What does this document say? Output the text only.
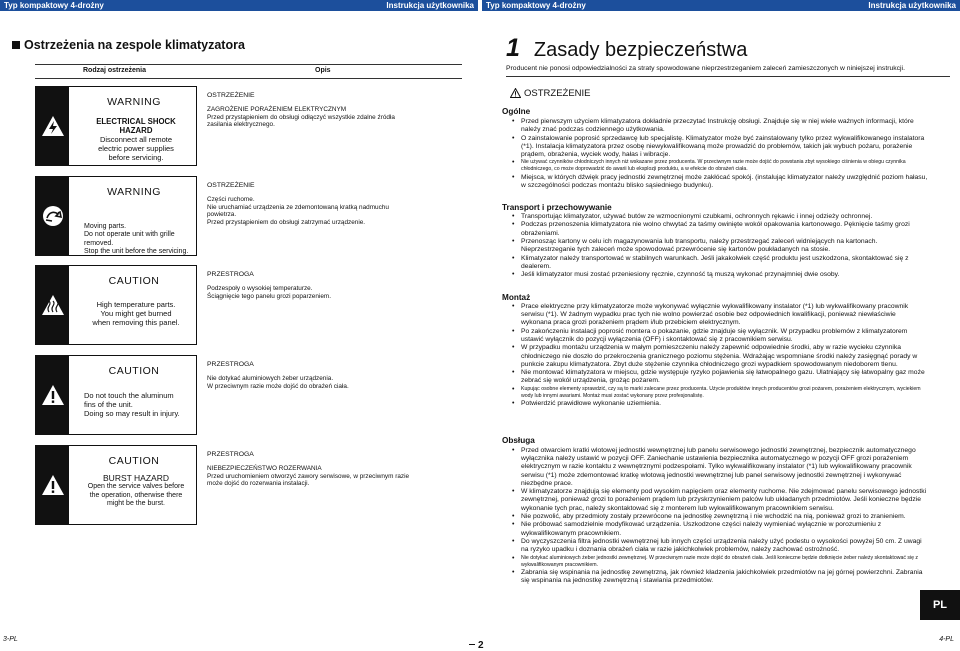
Typ kompaktowy 4-drożny	Instrukcja użytkownika
Ostrzeżenia na zespole klimatyzatora
Rodzaj ostrzeżenia	Opis
WARNING
ELECTRICAL SHOCK HAZARD
Disconnect all remote
electric power supplies
before servicing.
OSTRZEŻENIE
ZAGROŻENIE PORAŻENIEM ELEKTRYCZNYM
Przed przystąpieniem do obsługi odłączyć wszystkie zdalne źródła
zasilania elektrycznego.
WARNING
Moving parts.
Do not operate unit with grille
removed.
Stop the unit before the servicing.
OSTRZEŻENIE
Części ruchome.
Nie uruchamiać urządzenia ze zdemontowaną kratką nadmuchu
powietrza.
Przed przystąpieniem do obsługi zatrzymać urządzenie.
CAUTION
High temperature parts.
You might get burned
when removing this panel.
PRZESTROGA
Podzespoły o wysokiej temperaturze.
Ściągnięcie tego panelu grozi poparzeniem.
CAUTION
Do not touch the aluminum
fins of the unit.
Doing so may result in injury.
PRZESTROGA
Nie dotykać aluminiowych żeber urządzenia.
W przeciwnym razie może dojść do obrażeń ciała.
CAUTION
BURST HAZARD
Open the service valves before
the operation, otherwise there
might be the burst.
PRZESTROGA
NIEBEZPIECZEŃSTWO ROZERWANIA
Przed uruchomieniem otworzyć zawory serwisowe, w przeciwnym razie
może dojść do rozerwania instalacji.
3-PL
2
Typ kompaktowy 4-drożny	Instrukcja użytkownika
1 Zasady bezpieczeństwa
Producent nie ponosi odpowiedzialności za straty spowodowane nieprzestrzeganiem zaleceń zamieszczonych w niniejszej instrukcji.
OSTRZEŻENIE
Ogólne
• Przed pierwszym użyciem klimatyzatora dokładnie przeczytać Instrukcję obsługi. Znajduje się w niej wiele ważnych informacji, które należy znać podczas codziennego użytkowania.
• O zainstalowanie poprosić sprzedawcę lub specjalistę. Klimatyzator może być zainstalowany tylko przez wykwalifikowanego instalatora (*1). Instalacja klimatyzatora przez osobę niewykwalifikowaną może prowadzić do problemów, takich jak wybuch pożaru, porażenie prądem, obrażenia, wyciek wody, hałas i wibracje.
• Nie używać czynników chłodniczych innych niż wskazane przez producenta. W przeciwnym razie może dojść do powstania zbyt wysokiego ciśnienia w obiegu czynnika chłodniczego, co może doprowadzić do awarii lub eksplozji produktu, a w efekcie do obrażeń ciała.
• Miejsca, w których dźwięk pracy jednostki zewnętrznej może zakłócać spokój. (instalując klimatyzator należy uwzględnić poziom hałasu, w szczególności podczas montażu blisko sąsiedniego budynku).
Transport i przechowywanie
• Transportując klimatyzator, używać butów ze wzmocnionymi czubkami, ochronnych rękawic i innej odzieży ochronnej.
• Podczas przenoszenia klimatyzatora nie wolno chwytać za taśmy owinięte wokół opakowania kartonowego. Pęknięcie taśmy grozi obrażeniami.
• Przenosząc kartony w celu ich magazynowania lub transportu, należy przestrzegać zaleceń widniejących na kartonach. Nieprzestrzeganie tych zaleceń może spowodować przewrócenie się kartonów poukładanych na stosie.
• Klimatyzator należy transportować w stabilnych warunkach. Jeśli jakakolwiek część produktu jest uszkodzona, skontaktować się z dealerem.
• Jeśli klimatyzator musi zostać przeniesiony ręcznie, czynność tą muszą wykonać przynajmniej dwie osoby.
Montaż
• Prace elektryczne przy klimatyzatorze może wykonywać wyłącznie wykwalifikowany instalator (*1) lub wykwalifikowany pracownik serwisu (*1). W żadnym wypadku prac tych nie wolno powierzać osobie bez odpowiednich kwalifikacji, ponieważ niewłaściwie wykonana praca grozi porażeniem prądem i/lub przebiciem elektrycznym.
• Po zakończeniu instalacji poprosić montera o pokazanie, gdzie znajduje się wyłącznik. W przypadku problemów z klimatyzatorem ustawić wyłącznik do pozycji wyłączenia (OFF) i skontaktować się z pracownikiem serwisu.
• W przypadku montażu urządzenia w małym pomieszczeniu należy zapewnić odpowiednie środki, aby w razie wycieku czynnika chłodniczego nie doszło do przekroczenia granicznego poziomu stężenia. Wdrażając wspomniane środki należy zasięgnąć porady w punkcie zakupu klimatyzatora. Zbyt duże stężenie czynnika chłodniczego grozi wypadkiem spowodowanym niedoborem tlenu.
• Nie montować klimatyzatora w miejscu, gdzie występuje ryzyko pojawienia się łatwopalnego gazu. Ulatniający się łatwopalny gaz może zebrać się wokół urządzenia, grożąc pożarem.
• Kupując osobne elementy sprawdzić, czy są to marki zalecane przez producenta. Użycie produktów innych producentów grozi pożarem, porażeniem elektrycznym, wyciekiem wody lub innymi awariami. Montaż musi zostać wykonany przez profesjonalistę.
• Potwierdzić prawidłowe wykonanie uziemienia.
Obsługa
• Przed otwarciem kratki wlotowej jednostki wewnętrznej lub panelu serwisowego jednostki zewnętrznej, bezpiecznik automatycznego wyłącznika należy ustawić w pozycji OFF. Zaniechanie ustawienia bezpiecznika automatycznego w pozycji OFF grozi porażeniem elektrycznym w razie kontaktu z wewnętrznymi podzespołami. Tylko wykwalifikowany instalator (*1) lub wykwalifikowany pracownik serwisu (*1) może zdemontować kratkę wlotową jednostki wewnętrznej lub panel serwisowy jednostki zewnętrznej i wykonywać niezbędne prace.
• W klimatyzatorze znajdują się elementy pod wysokim napięciem oraz elementy ruchome. Nie zdejmować panelu serwisowego jednostki zewnętrznej, ponieważ grozi to porażeniem prądem lub przyskrzynieniem palców lub układanych przedmiotów. Jeśli konieczne będzie wykonanie tych prac, należy skontaktować się z monterem lub wykwalifikowanym pracownikiem serwisu.
• Nie pozwolić, aby przedmioty zostały przewrócone na jednostkę zewnętrzną i nie wchodzić na nią, ponieważ grozi to zranieniem.
• Nie próbować samodzielnie modyfikować urządzenia. Uszkodzone części należy wymieniać wyłącznie w porozumieniu z wykwalifikowanym pracownikiem.
• Do wyczyszczenia filtra jednostki wewnętrznej lub innych części urządzenia należy użyć podestu o wysokości powyżej 50 cm. Z uwagi na ryzyko upadku i doznania obrażeń ciała w razie jakichkolwiek problemów, należy zachować ostrożność.
• Nie dotykać aluminiowych żeber jednostki zewnętrznej. W przeciwnym razie może dojść do obrażeń ciała. Jeśli konieczne będzie dotknięcie żeber należy skontaktować się z wykwalifikowanym pracownikiem.
• Zabrania się wspinania na jednostkę zewnętrzną, jak również kładzenia jakichkolwiek przedmiotów na jej górnej powierzchni. Zabrania się wspinania na jednostkę zewnętrzną i stawiania przedmiotów.
PL
4-PL
